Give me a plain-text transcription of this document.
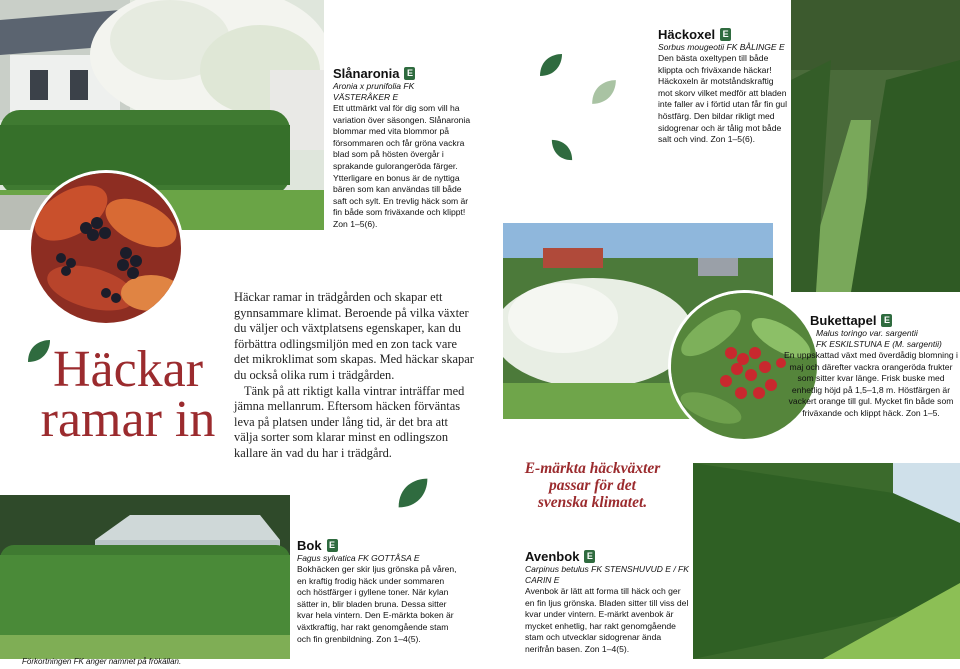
Slånaronia E
Aronia x prunifolia FK VÄSTERÅKER E
Ett uttmärkt val för dig som vill ha variation över säsongen. Slånaronia blommar med vita blommor på försommaren och får gröna vackra blad som på hösten övergår i sprakande gulorangeröda färger. Ytterligare en bonus är de nyttiga bären som kan användas till både saft och sylt. En trevlig häck som är fin både som friväxande och klippt! Zon 1–5(6).
Häckoxel E
Sorbus mougeotii FK BÅLINGE E
Den bästa oxeltypen till både klippta och friväxande häckar! Häckoxeln är motståndskraftig mot skorv vilket medför att bladen inte faller av i förtid utan får fin gul höstfärg. Den bildar rikligt med sidogrenar och är tålig mot både salt och vind. Zon 1–5(6).
Häckar
ramar in
Häckar ramar in trädgården och skapar ett gynnsammare klimat. Beroende på vilka växter du väljer och växtplatsens egenskaper, kan du förbättra odlingsmiljön med en zon tack vare det mikroklimat som skapas. Med häckar skapar du också olika rum i trädgården.
Tänk på att riktigt kalla vintrar inträffar med jämna mellanrum. Eftersom häcken förväntas leva på platsen under lång tid, är det bra att välja sorter som klarar minst en odlingszon kallare än vad du har i trädgård.
E-märkta häckväxter
passar för det
svenska klimatet.
Bukettapel E
Malus toringo var. sargentii
FK ESKILSTUNA E (M. sargentii)
En uppskattad växt med överdådig blomning i maj och därefter vackra orangeröda frukter som sitter kvar länge. Frisk buske med enhetlig höjd på 1,5–1,8 m. Höstfärgen är vackert orange till gul. Mycket fin både som friväxande och klippt häck. Zon 1–5.
Bok E
Fagus sylvatica FK GOTTÅSA E
Bokhäcken ger skir ljus grönska på våren, en kraftig frodig häck under sommaren och höstfärger i gyllene toner. När kylan sätter in, blir bladen bruna. Dessa sitter kvar hela vintern. Den E-märkta boken är växtkraftig, har rakt genomgående stam och fin grenbildning. Zon 1–4(5).
Avenbok E
Carpinus betulus FK STENSHUVUD E / FK CARIN E
Avenbok är lätt att forma till häck och ger en fin ljus grönska. Bladen sitter till viss del kvar under vintern. E-märkt avenbok är mycket enhetlig, har rakt genomgående stam och utvecklar sidogrenar ända nerifrån basen. Zon 1–4(5).
Förkortningen FK anger namnet på frökällan.
